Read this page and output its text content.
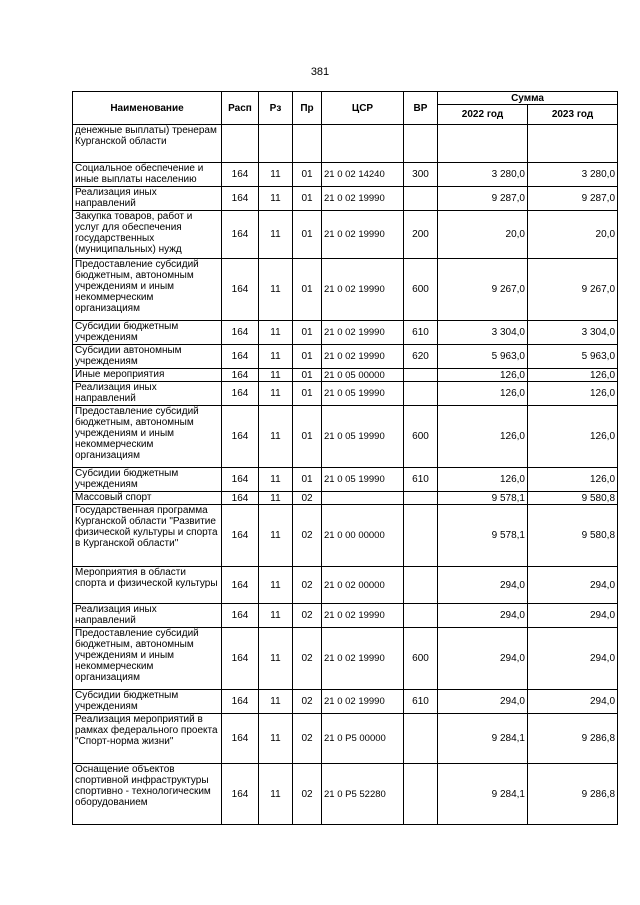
381
Наименование	Расп	Рз	Пр	ЦСР	ВР	Сумма	
						2022 год	2023 год
денежные выплаты) тренерам Курганской области							
Социальное обеспечение и иные выплаты населению	164	11	01	21 0 02 14240	300	3 280,0	3 280,0
Реализация иных направлений	164	11	01	21 0 02 19990		9 287,0	9 287,0
Закупка товаров, работ и услуг для обеспечения государственных (муниципальных) нужд	164	11	01	21 0 02 19990	200	20,0	20,0
Предоставление субсидий бюджетным, автономным учреждениям и иным некоммерческим организациям	164	11	01	21 0 02 19990	600	9 267,0	9 267,0
Субсидии бюджетным учреждениям	164	11	01	21 0 02 19990	610	3 304,0	3 304,0
Субсидии автономным учреждениям	164	11	01	21 0 02 19990	620	5 963,0	5 963,0
Иные мероприятия	164	11	01	21 0 05 00000		126,0	126,0
Реализация иных направлений	164	11	01	21 0 05 19990		126,0	126,0
Предоставление субсидий бюджетным, автономным учреждениям и иным некоммерческим организациям	164	11	01	21 0 05 19990	600	126,0	126,0
Субсидии бюджетным учреждениям	164	11	01	21 0 05 19990	610	126,0	126,0
Массовый спорт	164	11	02			9 578,1	9 580,8
Государственная программа Курганской области "Развитие физической культуры и спорта в Курганской области"	164	11	02	21 0 00 00000		9 578,1	9 580,8
Мероприятия в области спорта и физической культуры	164	11	02	21 0 02 00000		294,0	294,0
Реализация иных направлений	164	11	02	21 0 02 19990		294,0	294,0
Предоставление субсидий бюджетным, автономным учреждениям и иным некоммерческим организациям	164	11	02	21 0 02 19990	600	294,0	294,0
Субсидии бюджетным учреждениям	164	11	02	21 0 02 19990	610	294,0	294,0
Реализация мероприятий в рамках федерального проекта "Спорт-норма жизни"	164	11	02	21 0 P5 00000		9 284,1	9 286,8
Оснащение объектов спортивной инфраструктуры спортивно - технологическим оборудованием	164	11	02	21 0 P5 52280		9 284,1	9 286,8
